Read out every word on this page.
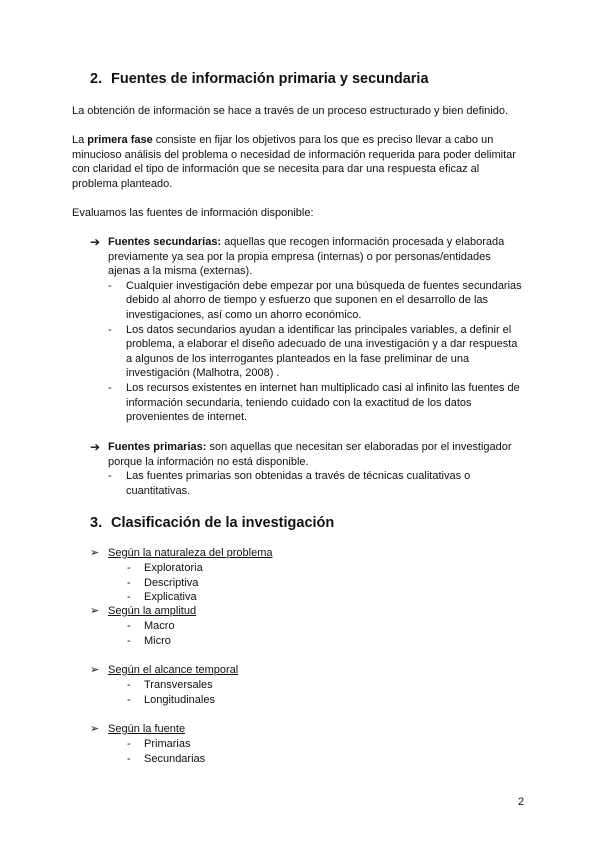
2. Fuentes de información primaria y secundaria

La obtención de información se hace a través de un proceso estructurado y bien definido.

La primera fase consiste en fijar los objetivos para los que es preciso llevar a cabo un minucioso análisis del problema o necesidad de información requerida para poder delimitar con claridad el tipo de información que se necesita para dar una respuesta eficaz al problema planteado.

Evaluamos las fuentes de información disponible:

➔ Fuentes secundarias: aquellas que recogen información procesada y elaborada previamente ya sea por la propia empresa (internas) o por personas/entidades ajenas a la misma (externas).

- Cualquier investigación debe empezar por una búsqueda de fuentes secundarias debido al ahorro de tiempo y esfuerzo que suponen en el desarrollo de las investigaciones, así como un ahorro económico.
- Los datos secundarios ayudan a identificar las principales variables, a definir el problema, a elaborar el diseño adecuado de una investigación y a dar respuesta a algunos de los interrogantes planteados en la fase preliminar de una investigación (Malhotra, 2008) .
- Los recursos existentes en internet han multiplicado casi al infinito las fuentes de información secundaria, teniendo cuidado con la exactitud de los datos provenientes de internet.
➔ Fuentes primarias: son aquellas que necesitan ser elaboradas por el investigador porque la información no está disponible.

- Las fuentes primarias son obtenidas a través de técnicas cualitativas o cuantitativas.
3. Clasificación de la investigación
➢ Según la naturaleza del problema
- Exploratoria
- Descriptiva
- Explicativa
➢ Según la amplitud
- Macro
- Micro
➢ Según el alcance temporal
- Transversales
- Longitudinales
➢ Según la fuente
- Primarias
- Secundarias
2
